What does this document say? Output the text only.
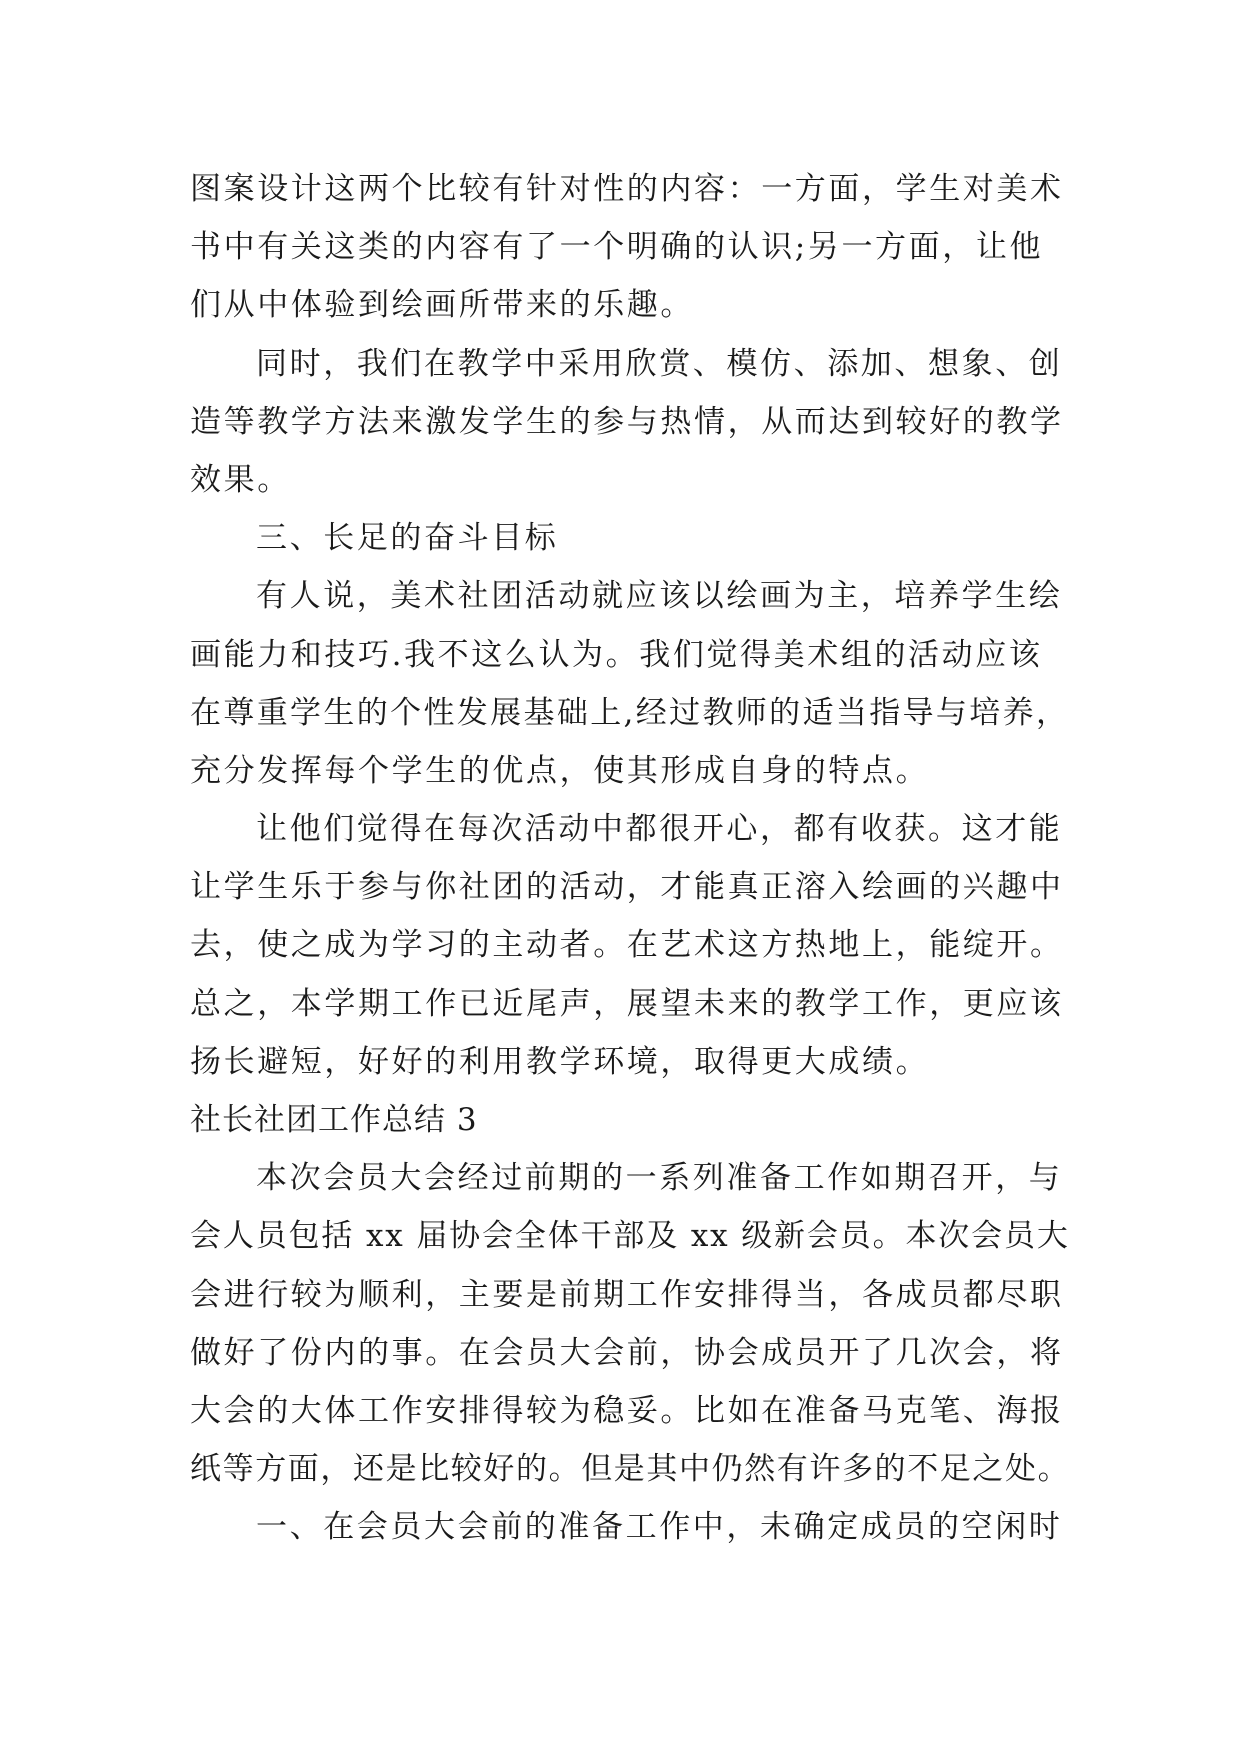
图案设计这两个比较有针对性的内容：一方面，学生对美术
书中有关这类的内容有了一个明确的认识;另一方面，让他
们从中体验到绘画所带来的乐趣。
同时，我们在教学中采用欣赏、模仿、添加、想象、创
造等教学方法来激发学生的参与热情，从而达到较好的教学
效果。
三、长足的奋斗目标
有人说，美术社团活动就应该以绘画为主，培养学生绘
画能力和技巧.我不这么认为。我们觉得美术组的活动应该
在尊重学生的个性发展基础上,经过教师的适当指导与培养，
充分发挥每个学生的优点，使其形成自身的特点。
让他们觉得在每次活动中都很开心，都有收获。这才能
让学生乐于参与你社团的活动，才能真正溶入绘画的兴趣中
去，使之成为学习的主动者。在艺术这方热地上，能绽开。
总之，本学期工作已近尾声，展望未来的教学工作，更应该
扬长避短，好好的利用教学环境，取得更大成绩。
社长社团工作总结 3
本次会员大会经过前期的一系列准备工作如期召开，与
会人员包括 xx 届协会全体干部及 xx 级新会员。本次会员大
会进行较为顺利，主要是前期工作安排得当，各成员都尽职
做好了份内的事。在会员大会前，协会成员开了几次会，将
大会的大体工作安排得较为稳妥。比如在准备马克笔、海报
纸等方面，还是比较好的。但是其中仍然有许多的不足之处。
一、在会员大会前的准备工作中，未确定成员的空闲时
